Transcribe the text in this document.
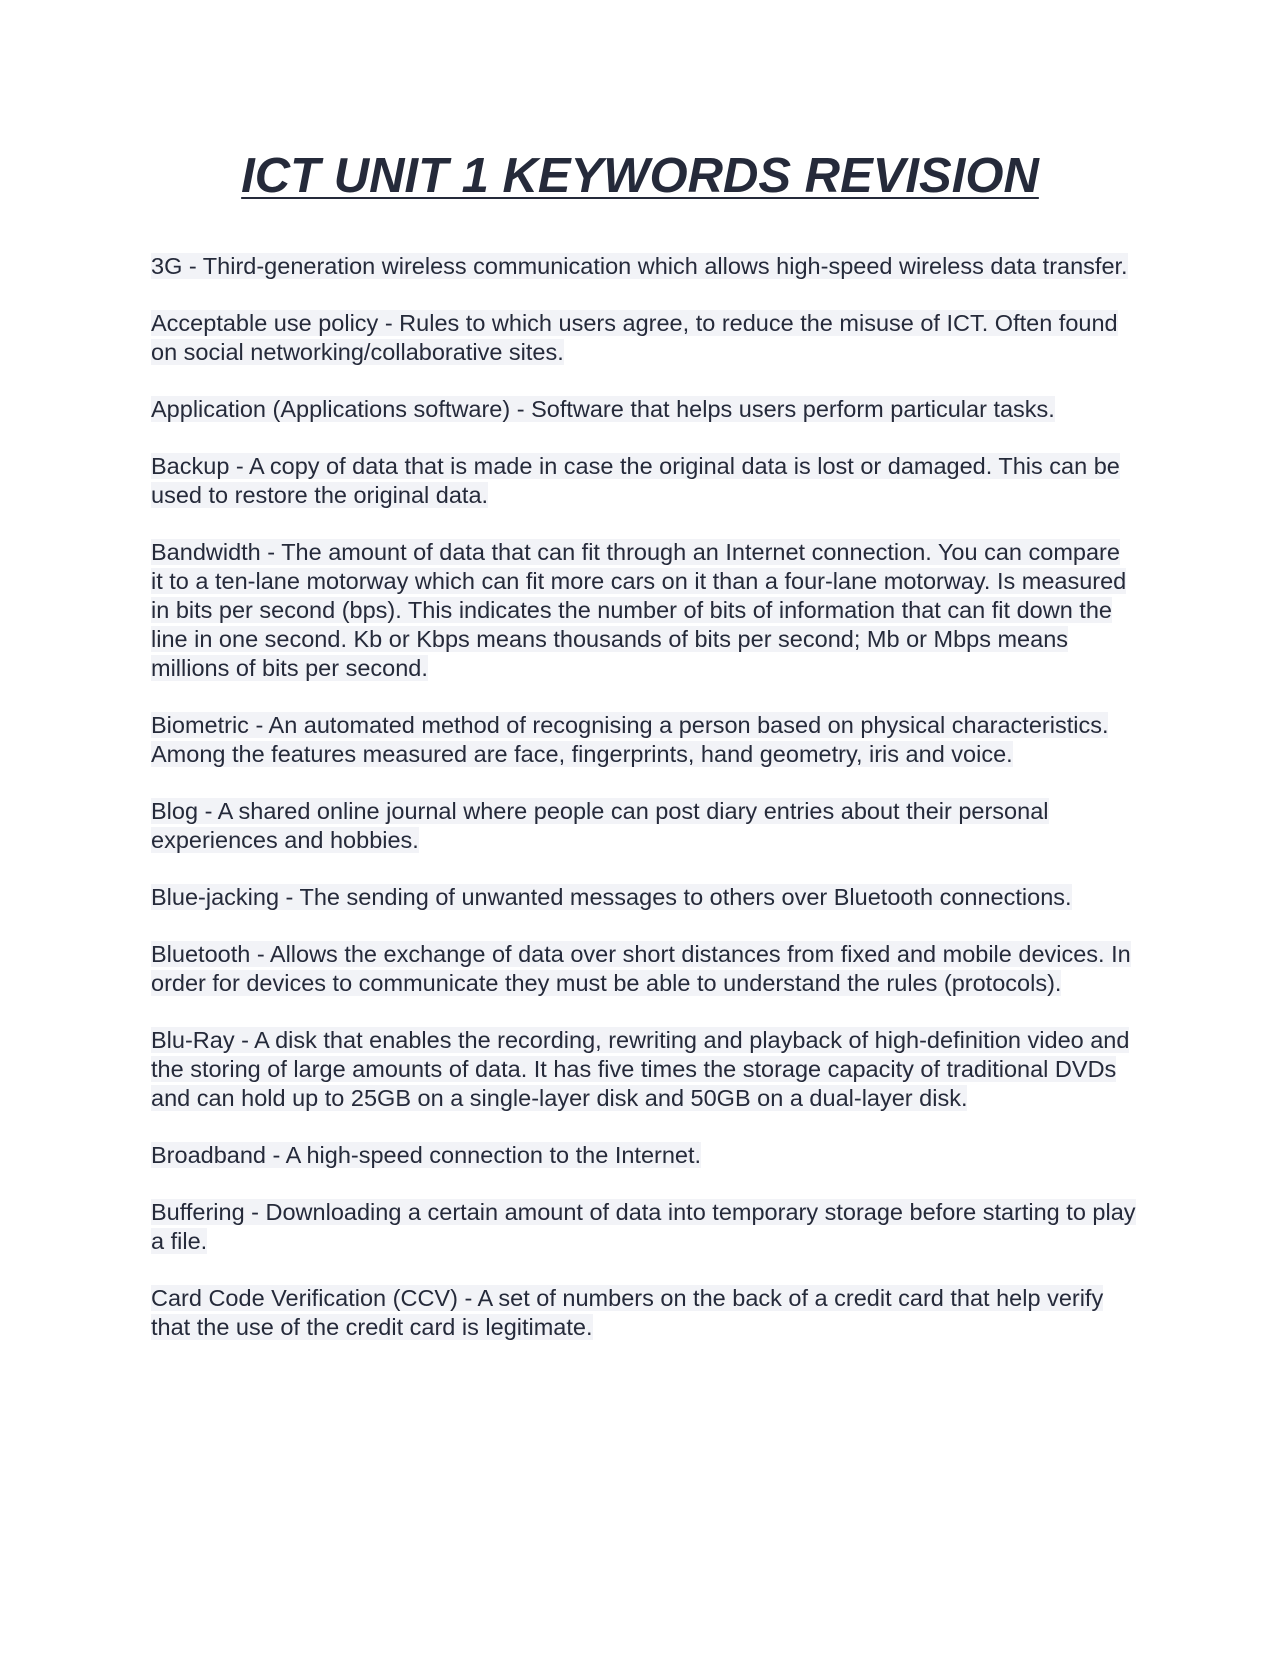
ICT UNIT 1 KEYWORDS REVISION

3G - Third-generation wireless communication which allows high-speed wireless data transfer.

Acceptable use policy - Rules to which users agree, to reduce the misuse of ICT. Often found on social networking/collaborative sites.

Application (Applications software) - Software that helps users perform particular tasks.

Backup - A copy of data that is made in case the original data is lost or damaged. This can be used to restore the original data.

Bandwidth - The amount of data that can fit through an Internet connection. You can compare it to a ten-lane motorway which can fit more cars on it than a four-lane motorway. Is measured in bits per second (bps). This indicates the number of bits of information that can fit down the line in one second. Kb or Kbps means thousands of bits per second; Mb or Mbps means millions of bits per second.

Biometric - An automated method of recognising a person based on physical characteristics. Among the features measured are face, fingerprints, hand geometry, iris and voice.

Blog - A shared online journal where people can post diary entries about their personal experiences and hobbies.

Blue-jacking - The sending of unwanted messages to others over Bluetooth connections.

Bluetooth - Allows the exchange of data over short distances from fixed and mobile devices. In order for devices to communicate they must be able to understand the rules (protocols).

Blu-Ray - A disk that enables the recording, rewriting and playback of high-definition video and the storing of large amounts of data. It has five times the storage capacity of traditional DVDs and can hold up to 25GB on a single-layer disk and 50GB on a dual-layer disk.

Broadband - A high-speed connection to the Internet.

Buffering - Downloading a certain amount of data into temporary storage before starting to play a file.

Card Code Verification (CCV) - A set of numbers on the back of a credit card that help verify that the use of the credit card is legitimate.
